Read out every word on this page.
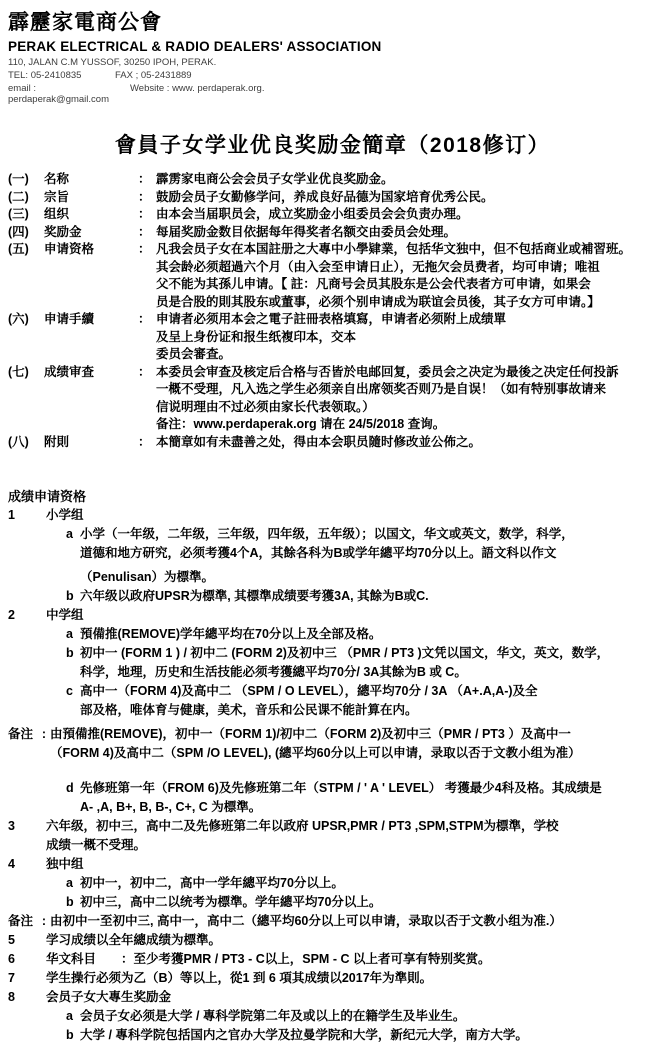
霹靂家電商公會
PERAK ELECTRICAL & RADIO DEALERS' ASSOCIATION
110, JALAN C.M YUSSOF, 30250 IPOH, PERAK.
TEL: 05-2410835	FAX ; 05-2431889
email : perdaperak@gmail.com
Website : www. perdaperak.org.
會員子女学业优良奖励金簡章（2018修订）
(一)	名称	： 霹雳家电商公会会员子女学业优良奖励金。
(二)	宗旨	： 鼓励会员子女勤修学问，养成良好品德为国家培育优秀公民。
(三)	组织	： 由本会当届职员会，成立奖励金小组委员会会负责办理。
(四)	奖励金	： 每届奖励金数目依据每年得奖者名额交由委员会处理。
(五)	申请资格	： 凡我会员子女在本国註册之大專中小學肄業，包括华文独中，但不包括商业或補習班。
其会龄必须超過六个月（由入会至申请日止），无拖欠会员费者，均可申请；唯祖
父不能为其孫儿申请。【 註：凡商号会员其股东是公会代表者方可申请，如果会
员是合股的則其股东或董事，必须个别申请成为联谊会员後，其子女方可申请。】
(六)	申请手續	： 申请者必须用本会之電子註冊表格填寫，申请者必须附上成绩單
及呈上身份证和报生纸複印本，交本
委员会審查。
(七)	成绩审查	： 本委员会审查及核定后合格与否皆於电邮回复，委员会之决定为最後之决定任何投訴
一概不受理，凡入选之学生必须亲自出席领奖否则乃是自误！（如有特别事故请来
信说明理由不过必须由家长代表领取。）
备注：www.perdaperak.org 请在 24/5/2018 查询。
(八)	附則	： 本簡章如有未盡善之处，得由本会职员隨时修改並公佈之。
成绩申请资格
1	小学组
a 小学（一年级，二年级，三年级，四年级，五年级）；以国文，华文或英文，数学，科学，
道德和地方研究，必须考獲4个A，其餘各科为B或学年總平均70分以上。語文科以作文
（Penulisan）为標準。
b 六年级以政府UPSR为標準, 其標準成绩要考獲3A, 其餘为B或C.
2	中学组
a 預備推(REMOVE)学年總平均在70分以上及全部及格。
b 初中一 (FORM 1 ) / 初中二 (FORM 2)及初中三 （PMR / PT3 )文凭以国文，华文，英文，数学，
科学，地理，历史和生活技能必须考獲總平均70分/ 3A其餘为B 或 C。
c 高中一（FORM 4)及高中二 （SPM / O LEVEL），總平均70分 / 3A （A+.A,A-)及全
部及格，唯体育与健康，美术，音乐和公民课不能計算在内。
备注 : 由預備推(REMOVE)，初中一（FORM 1)/初中二（FORM 2)及初中三（PMR / PT3 ）及高中一
（FORM 4)及高中二（SPM /O LEVEL), (總平均60分以上可以申请，录取以否于文教小组为准）
d 先修班第一年（FROM 6)及先修班第二年（STPM / ' A ' LEVEL） 考獲最少4科及格。其成绩是
A- ,A, B+, B, B-, C+, C 为標準。
3	六年级，初中三，高中二及先修班第二年以政府 UPSR,PMR / PT3 ,SPM,STPM为標準，学校
成绩一概不受理。
4	独中组
a 初中一，初中二，高中一学年總平均70分以上。
b 初中三，高中二以统考为標準。学年總平均70分以上。
备注 : 由初中一至初中三, 高中一，高中二（總平均60分以上可以申请，录取以否于文教小组为准.）
5	学习成绩以全年總成绩为標準。
6	华文科目　　：至少考獲PMR / PT3 - C以上，SPM - C 以上者可享有特别奖赏。
7	学生操行必须为乙（B）等以上，從1 到 6 項其成绩以2017年为準則。
8	会员子女大專生奖励金
a 会员子女必须是大学 / 專科学院第二年及或以上的在籍学生及毕业生。
b 大学 / 專科学院包括国内之官办大学及拉曼学院和大学，新纪元大学，南方大学。
